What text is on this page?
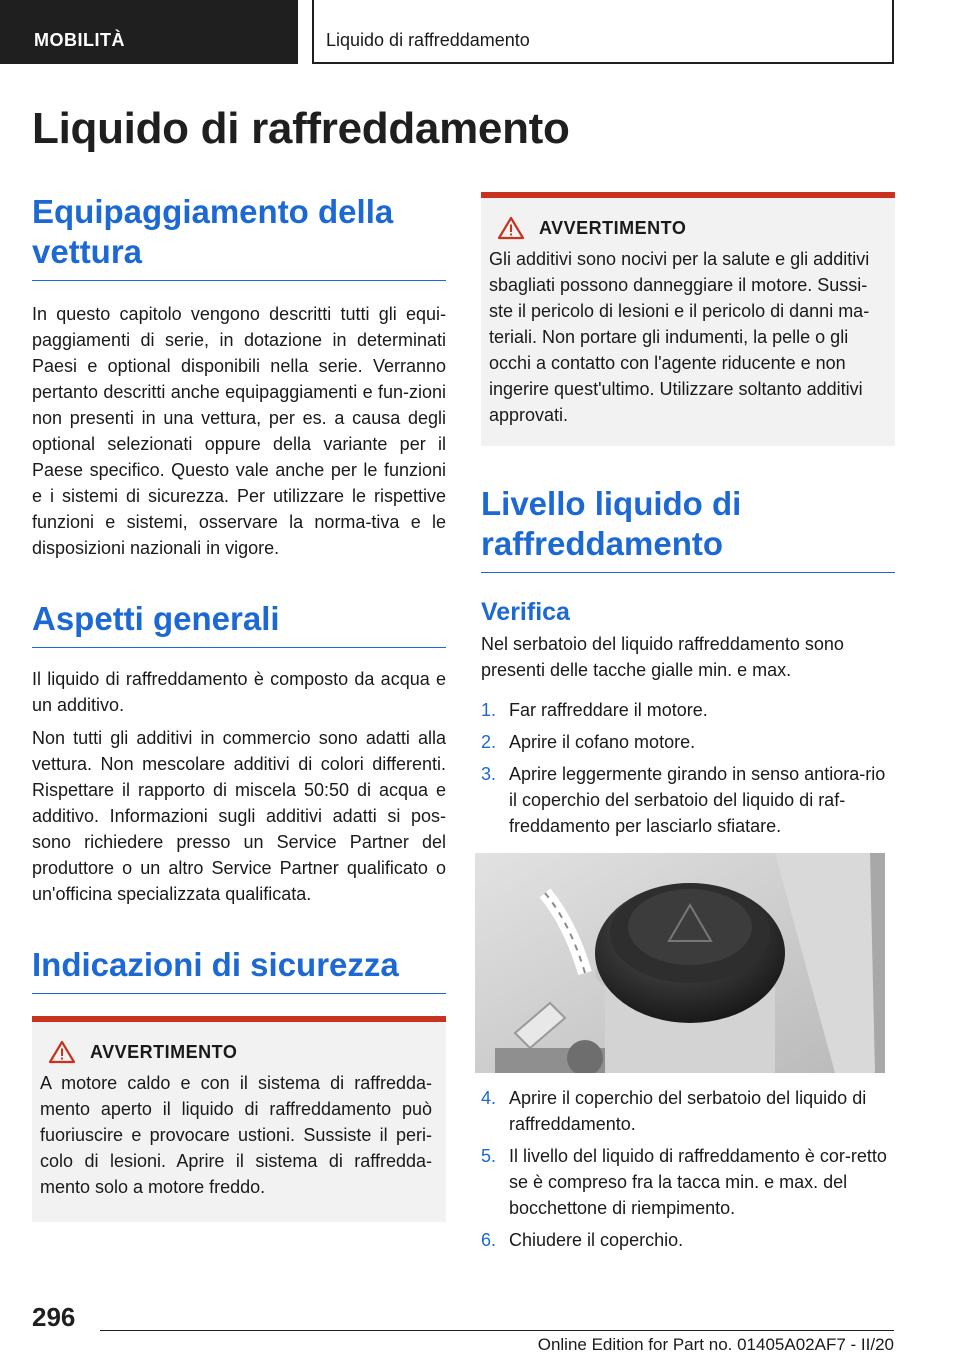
MOBILITÀ	Liquido di raffreddamento
Liquido di raffreddamento
Equipaggiamento della vettura

In questo capitolo vengono descritti tutti gli equi-paggiamenti di serie, in dotazione in determinati Paesi e optional disponibili nella serie. Verranno pertanto descritti anche equipaggiamenti e fun-zioni non presenti in una vettura, per es. a causa degli optional selezionati oppure della variante per il Paese specifico. Questo vale anche per le funzioni e i sistemi di sicurezza. Per utilizzare le rispettive funzioni e sistemi, osservare la norma-tiva e le disposizioni nazionali in vigore.

Aspetti generali

Il liquido di raffreddamento è composto da acqua e un additivo.

Non tutti gli additivi in commercio sono adatti alla vettura. Non mescolare additivi di colori differenti. Rispettare il rapporto di miscela 50:50 di acqua e additivo. Informazioni sugli additivi adatti si pos-sono richiedere presso un Service Partner del produttore o un altro Service Partner qualificato o un'officina specializzata qualificata.

Indicazioni di sicurezza
AVVERTIMENTO

A motore caldo e con il sistema di raffredda-mento aperto il liquido di raffreddamento può fuoriuscire e provocare ustioni. Sussiste il peri-colo di lesioni. Aprire il sistema di raffredda-mento solo a motore freddo.

AVVERTIMENTO

Gli additivi sono nocivi per la salute e gli additivi sbagliati possono danneggiare il motore. Sussi-ste il pericolo di lesioni e il pericolo di danni ma-teriali. Non portare gli indumenti, la pelle o gli occhi a contatto con l'agente riducente e non ingerire quest'ultimo. Utilizzare soltanto additivi approvati.

Livello liquido di raffreddamento
Verifica

Nel serbatoio del liquido raffreddamento sono presenti delle tacche gialle min. e max.

1. Far raffreddare il motore.
2. Aprire il cofano motore.
3. Aprire leggermente girando in senso antiora-rio il coperchio del serbatoio del liquido di raf-freddamento per lasciarlo sfiatare.
4. Aprire il coperchio del serbatoio del liquido di raffreddamento.
5. Il livello del liquido di raffreddamento è cor-retto se è compreso fra la tacca min. e max. del bocchettone di riempimento.
6. Chiudere il coperchio.
296
Online Edition for Part no. 01405A02AF7 - II/20
